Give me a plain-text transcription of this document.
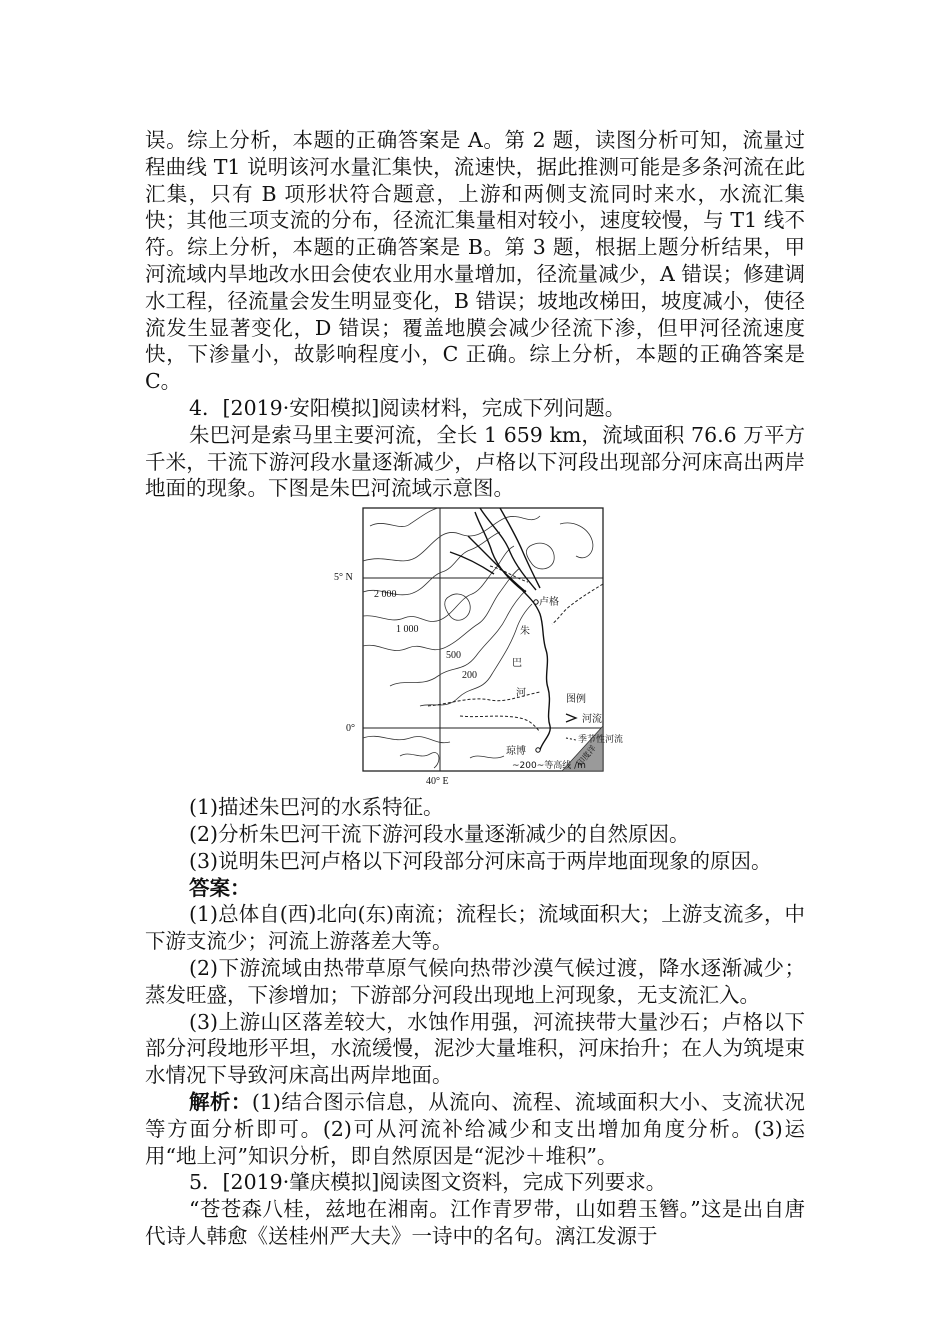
误。综上分析，本题的正确答案是 A。第 2 题，读图分析可知，流量过程曲线 T1 说明该河水量汇集快，流速快，据此推测可能是多条河流在此汇集，只有 B 项形状符合题意，上游和两侧支流同时来水，水流汇集快；其他三项支流的分布，径流汇集量相对较小，速度较慢，与 T1 线不符。综上分析，本题的正确答案是 B。第 3 题，根据上题分析结果，甲河流域内旱地改水田会使农业用水量增加，径流量减少，A 错误；修建调水工程，径流量会发生明显变化，B 错误；坡地改梯田，坡度减小，使径流发生显著变化，D 错误；覆盖地膜会减少径流下渗，但甲河径流速度快，下渗量小，故影响程度小，C 正确。综上分析，本题的正确答案是 C。

4．[2019·安阳模拟]阅读材料，完成下列问题。

朱巴河是索马里主要河流，全长 1 659 km，流域面积 76.6 万平方千米，干流下游河段水量逐渐减少，卢格以下河段出现部分河床高出两岸地面的现象。下图是朱巴河流域示意图。

5° N
0°
40° E
2 000
1 000
500
200
卢格
琼博
朱
巴
河
印度洋
图例
河流
季节性河流
~200~等高线 /m

(1)描述朱巴河的水系特征。

(2)分析朱巴河干流下游河段水量逐渐减少的自然原因。

(3)说明朱巴河卢格以下河段部分河床高于两岸地面现象的原因。

答案：

(1)总体自(西)北向(东)南流；流程长；流域面积大；上游支流多，中下游支流少；河流上游落差大等。

(2)下游流域由热带草原气候向热带沙漠气候过渡，降水逐渐减少；蒸发旺盛，下渗增加；下游部分河段出现地上河现象，无支流汇入。

(3)上游山区落差较大，水蚀作用强，河流挟带大量沙石；卢格以下部分河段地形平坦，水流缓慢，泥沙大量堆积，河床抬升；在人为筑堤束水情况下导致河床高出两岸地面。

解析：(1)结合图示信息，从流向、流程、流域面积大小、支流状况等方面分析即可。(2)可从河流补给减少和支出增加角度分析。(3)运用“地上河”知识分析，即自然原因是“泥沙＋堆积”。

5．[2019·肇庆模拟]阅读图文资料，完成下列要求。

“苍苍森八桂，兹地在湘南。江作青罗带，山如碧玉簪。”这是出自唐代诗人韩愈《送桂州严大夫》一诗中的名句。漓江发源于
